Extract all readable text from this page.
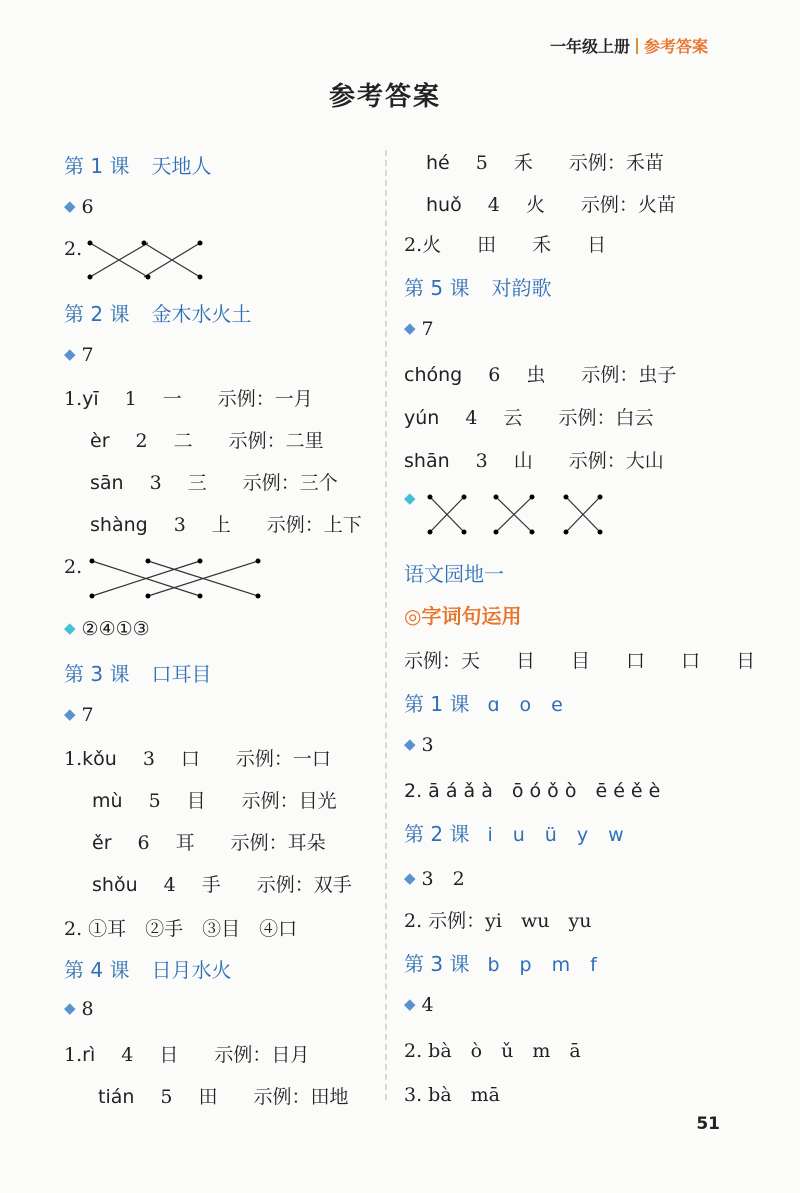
一年级上册 参考答案
参考答案
第 1 课 天地人
◆ 6
2.
第 2 课 金木水火土
◆ 7
1.yī 1 一 示例：一月
èr 2 二 示例：二里
sān 3 三 示例：三个
shàng 3 上 示例：上下
2.
◆ ②④①③
第 3 课 口耳目
◆ 7
1.kǒu 3 口 示例：一口
mù 5 目 示例：目光
ěr 6 耳 示例：耳朵
shǒu 4 手 示例：双手
2. ①耳　②手　③目　④口
第 4 课 日月水火
◆ 8
1.rì 4 日 示例：日月
tián 5 田 示例：田地
hé 5 禾 示例：禾苗
huǒ 4 火 示例：火苗
2.火 田 禾 日
第 5 课 对韵歌
◆ 7
chóng 6 虫 示例：虫子
yún 4 云 示例：白云
shān 3 山 示例：大山
◆
语文园地一
◎字词句运用
示例：天 日 目 口 口 日
第 1 课 ɑ o e
◆ 3
2. ā á ǎ à　ō ó ǒ ò　ē é ě è
第 2 课 i u ü y w
◆ 3　2
2. 示例：yi　wu　yu
第 3 课 b p m f
◆ 4
2. bà　ò　ǔ　m　ā
3. bà　mā
51
